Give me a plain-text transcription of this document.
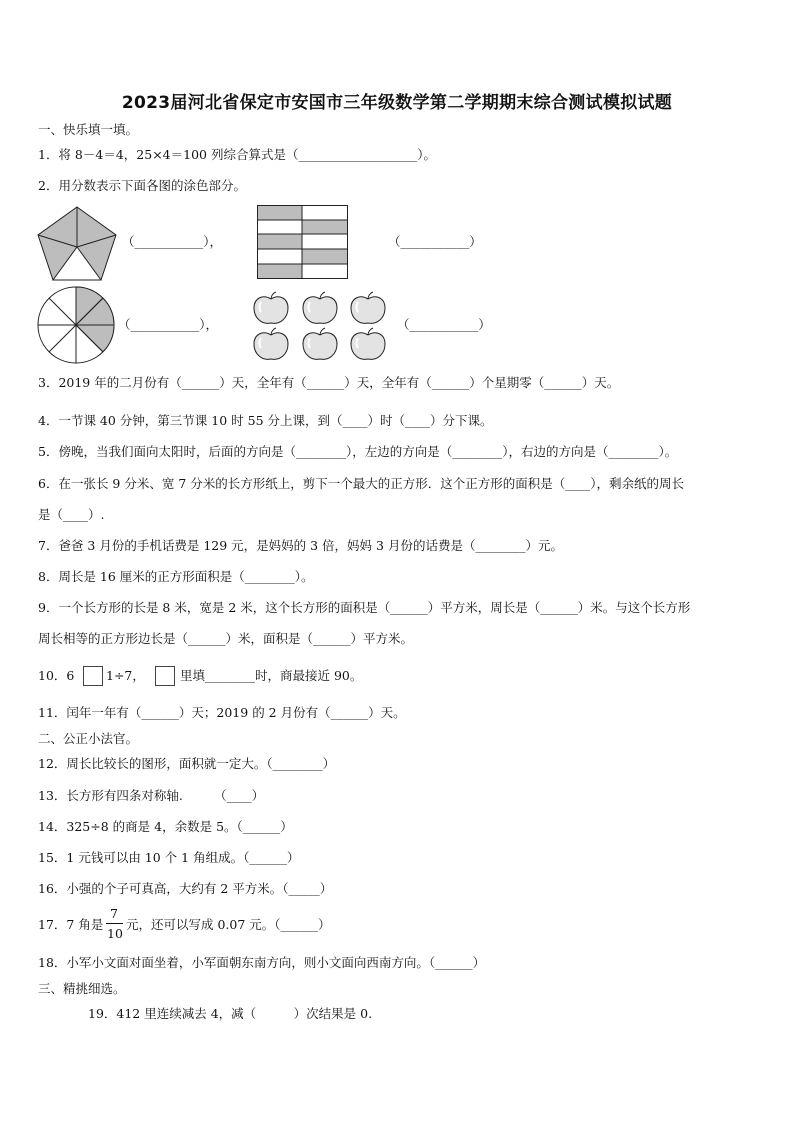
2023届河北省保定市安国市三年级数学第二学期期末综合测试模拟试题
一、快乐填一填。
1．将 8－4＝4，25×4＝100 列综合算式是（___________________）。
2．用分数表示下面各图的涂色部分。
（___________），	（___________）
（___________），	（___________）
3．2019 年的二月份有（______）天，全年有（______）天，全年有（______）个星期零（______）天。
4．一节课 40 分钟，第三节课 10 时 55 分上课，到（____）时（____）分下课。
5．傍晚，当我们面向太阳时，后面的方向是（________），左边的方向是（________），右边的方向是（________）。
6．在一张长 9 分米、宽 7 分米的长方形纸上，剪下一个最大的正方形．这个正方形的面积是（____），剩余纸的周长
是（____）.
7．爸爸 3 月份的手机话费是 129 元，是妈妈的 3 倍，妈妈 3 月份的话费是（________）元。
8．周长是 16 厘米的正方形面积是（________）。
9．一个长方形的长是 8 米，宽是 2 米，这个长方形的面积是（______）平方米，周长是（______）米。与这个长方形
周长相等的正方形边长是（______）米，面积是（______）平方米。
10．6	1÷7，	里填________时，商最接近 90。
11．闰年一年有（______）天；2019 的 2 月份有（______）天。
二、公正小法官。
12．周长比较长的图形，面积就一定大。（________）
13．长方形有四条对称轴.　　　（____）
14．325÷8 的商是 4，余数是 5。（______）
15．1 元钱可以由 10 个 1 角组成。（______）
16．小强的个子可真高，大约有 2 平方米。（_____）
17．7 角是
7
10
元，还可以写成 0.07 元。（______）
18．小军小文面对面坐着，小军面朝东南方向，则小文面向西南方向。（______）
三、精挑细选。
19．412 里连续减去 4，减（　　　）次结果是 0.
